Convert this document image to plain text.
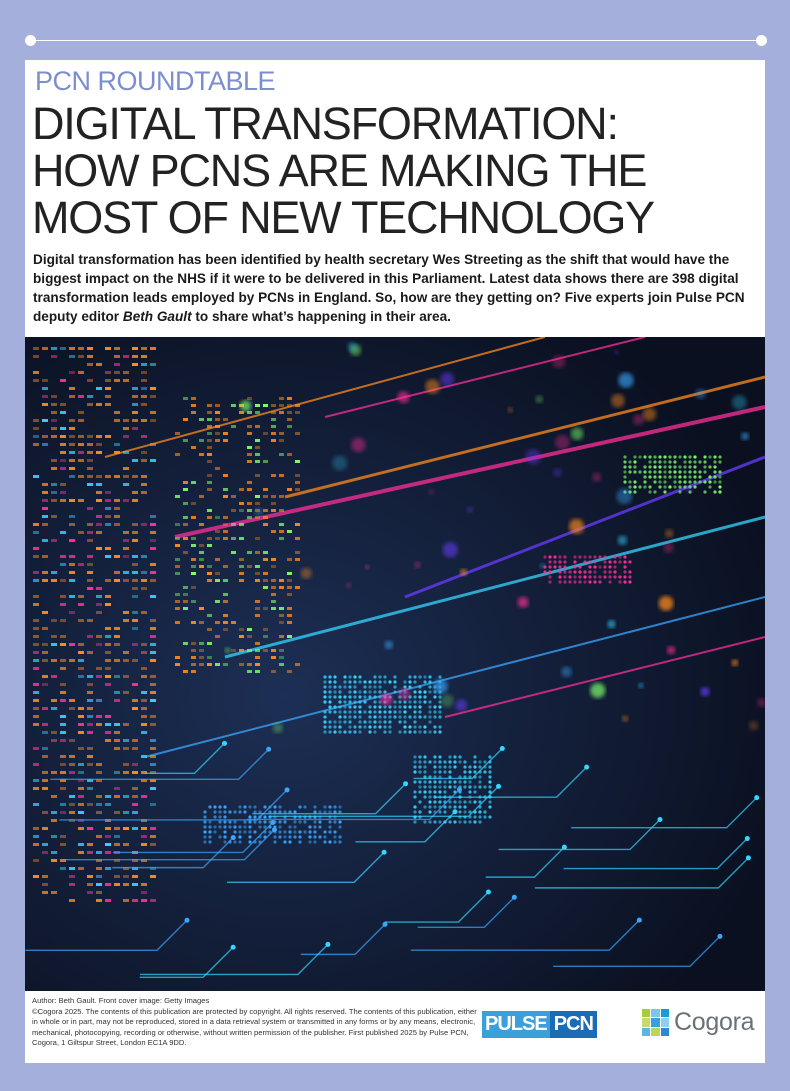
PCN ROUNDTABLE
DIGITAL TRANSFORMATION:
HOW PCNS ARE MAKING THE
MOST OF NEW TECHNOLOGY

Digital transformation has been identified by health secretary Wes Streeting as the shift that would have the biggest impact on the NHS if it were to be delivered in this Parliament. Latest data shows there are 398 digital transformation leads employed by PCNs in England. So, how are they getting on? Five experts join Pulse PCN deputy editor Beth Gault to share what’s happening in their area.

Author: Beth Gault. Front cover image: Getty Images

©Cogora 2025. The contents of this publication are protected by copyright. All rights reserved. The contents of this publication, either in whole or in part, may not be reproduced, stored in a data retrieval system or transmitted in any forms or by any means, electronic, mechanical, photocopying, recording or otherwise, without written permission of the publisher. First published 2025 by Pulse PCN, Cogora, 1 Giltspur Street, London EC1A 9DD.

PULSE PCN	Cogora
